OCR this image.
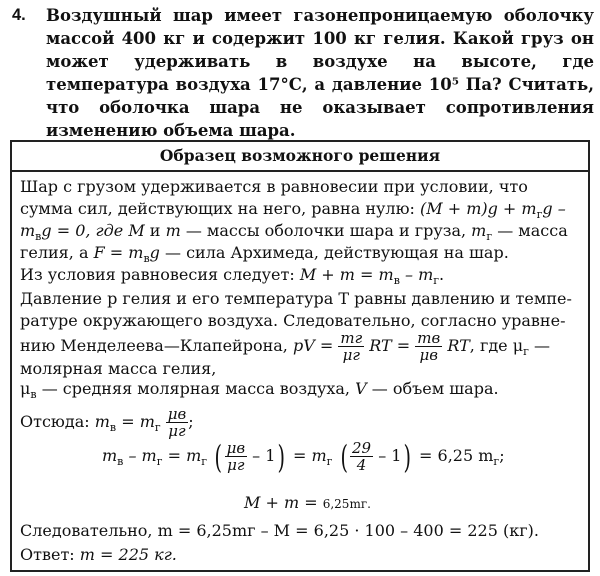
4. Воздушный шар имеет газонепроницаемую оболочку массой 400 кг и содержит 100 кг гелия. Какой груз он может удерживать в воздухе на высоте, где температура воздуха 17°С, а давление 10⁵ Па? Считать, что оболочка шара не оказывает сопротивления изменению объема шара.
Образец возможного решения
Шар с грузом удерживается в равновесии при условии, что
сумма сил, действующих на него, равна нулю: $(M + m)g + m_гg$ –
$m_вg = 0$, где M и m — массы оболочки шара и груза, $m_г$ — масса
гелия, а $F = m_вg$ — сила Архимеда, действующая на шар.
Из условия равновесия следует: $M + m = m_в - m_г$.
Давление p гелия и его температура T равны давлению и темпе-
ратуре окружающего воздуха. Следовательно, согласно уравне-
нию Менделеева—Клапейрона, pV = $\frac{mг}{\mu г}$ RT = $\frac{mв}{\mu в}$ RT, где $\mu_г$ —
молярная масса гелия,
$\mu_в$ — средняя молярная масса воздуха, V — объем шара.
Отсюда: $m_в = m_г \frac{\mu в}{\mu г}$ ;
$m_в - m_г = m_г$ ( $\frac{\mu в}{\mu г} - 1) = m_г$ ( $\frac{29}{4} - 1) = 6,25$ $m_г$;
M + m = 6,25mг.
Следовательно, m = 6,25mг – M = 6,25 · 100 – 400 = 225 (кг).
Ответ: m = 225 кг.
